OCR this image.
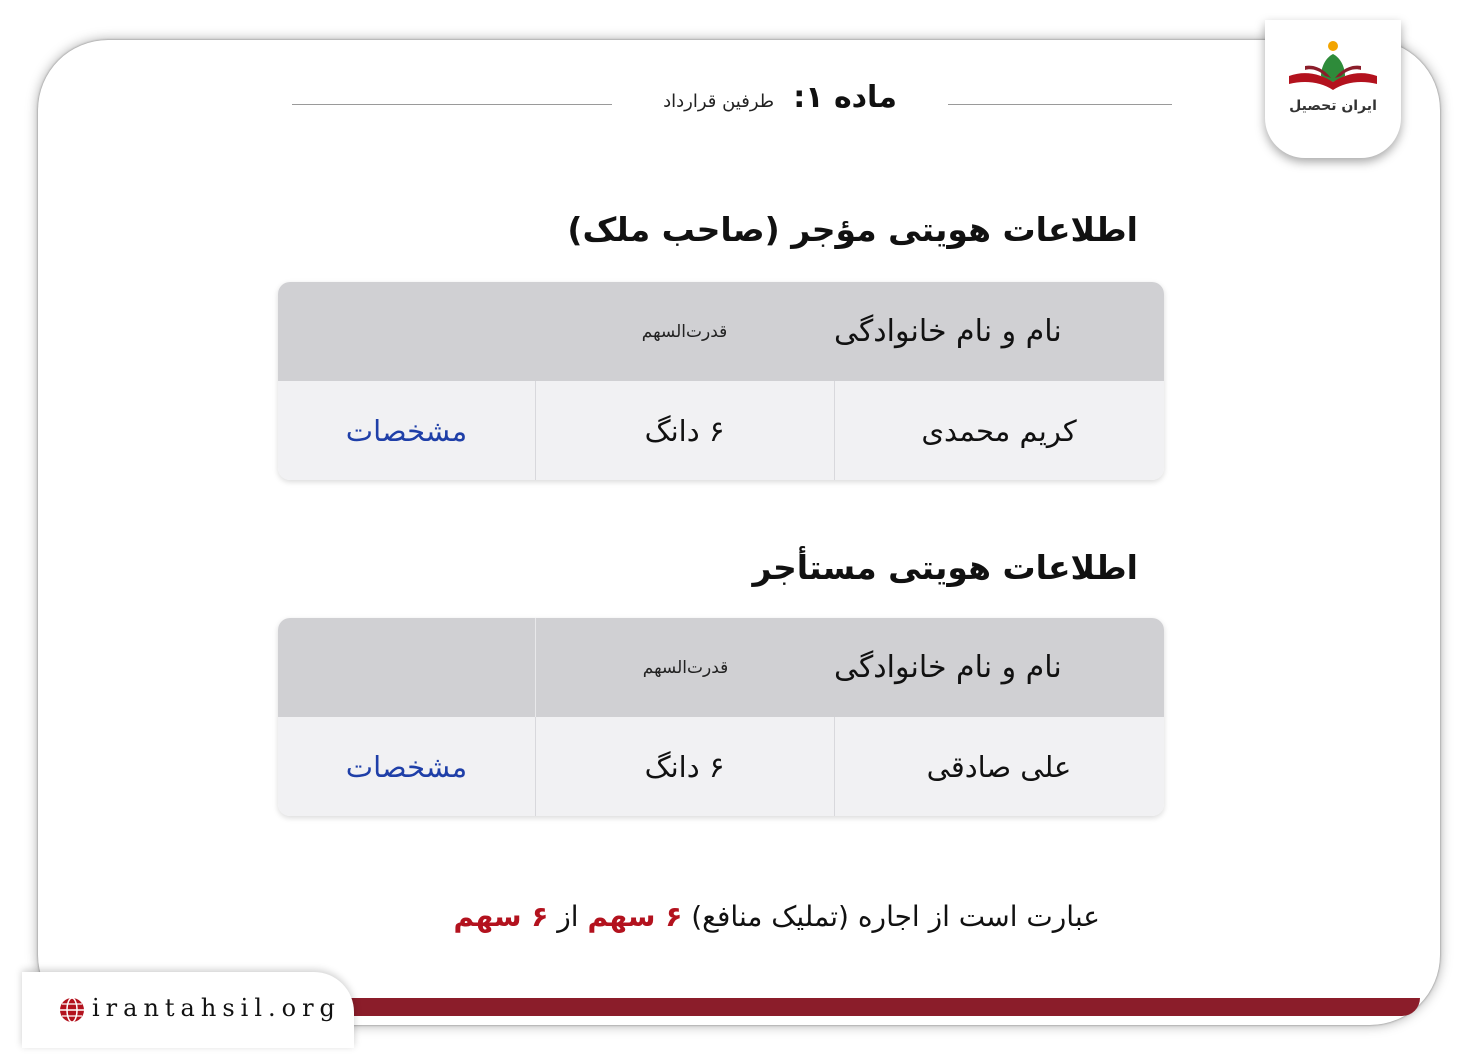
ایران تحصیل
irantahsil.org
ماده ۱: طرفین قرارداد
اطلاعات هویتی مؤجر (صاحب ملک)
نام و نام خانوادگی
قدرت‌السهم
کریم محمدی
۶ دانگ
مشخصات
اطلاعات هویتی مستأجر
نام و نام خانوادگی
قدرت‌السهم
علی صادقی
۶ دانگ
مشخصات
عبارت است از اجاره (تملیک منافع) ۶ سهم از ۶ سهم
